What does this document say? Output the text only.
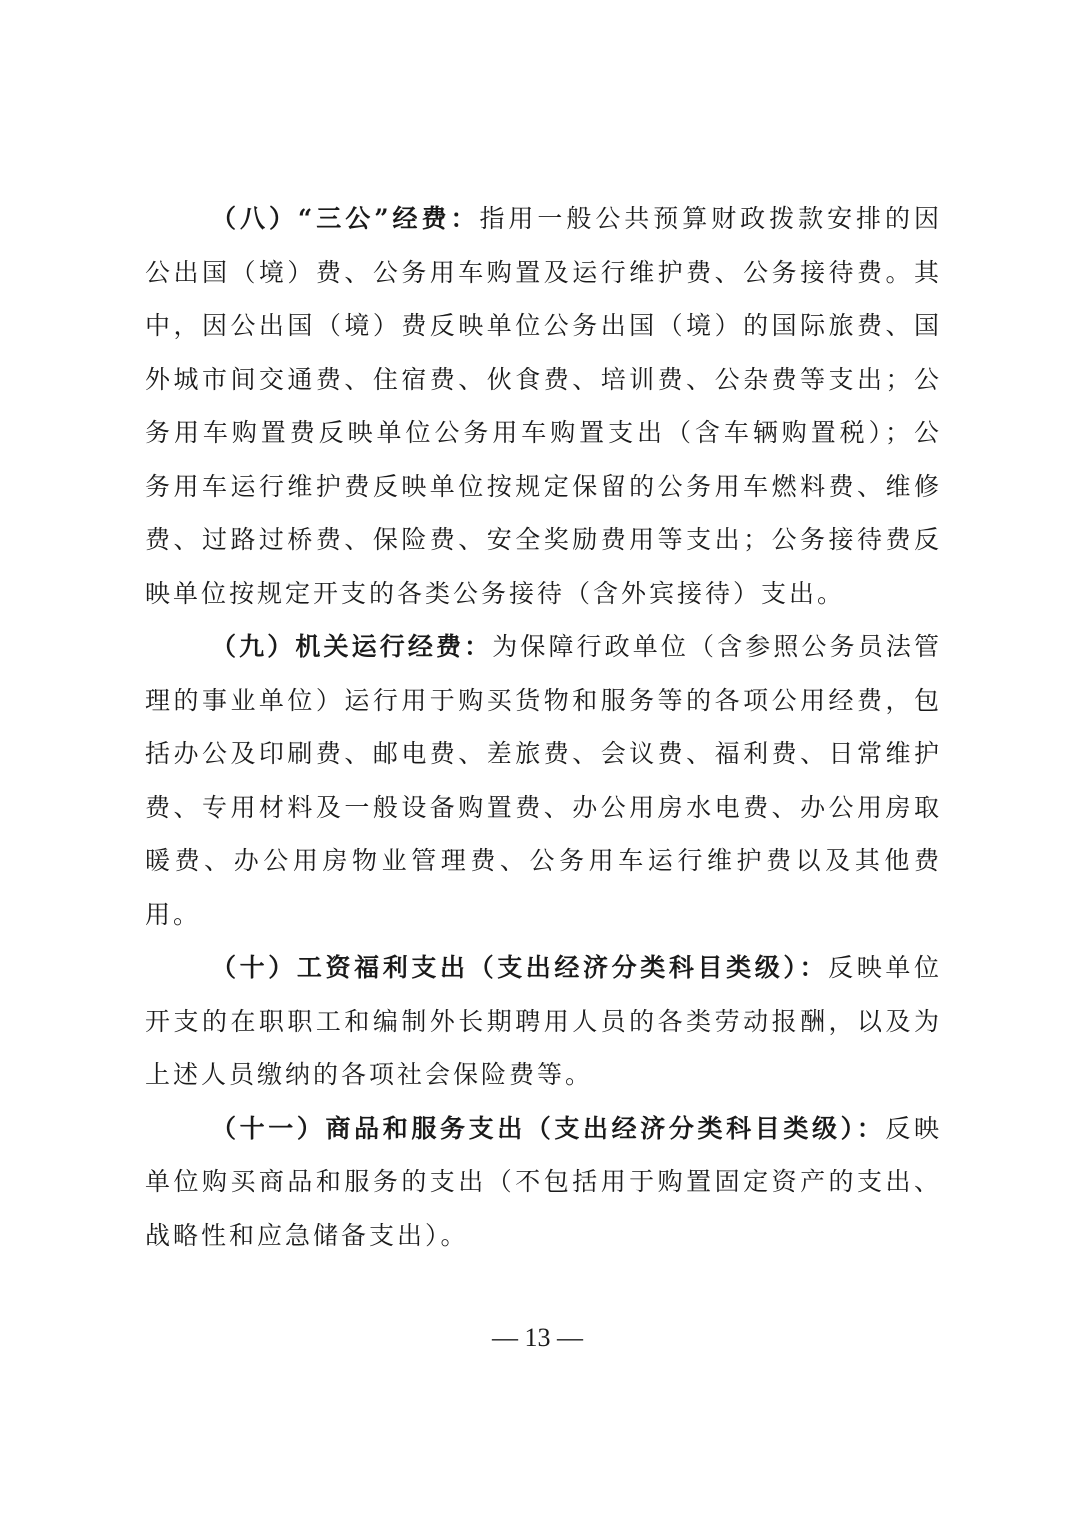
（八）“三公”经费：指用一般公共预算财政拨款安排的因公出国（境）费、公务用车购置及运行维护费、公务接待费。其中，因公出国（境）费反映单位公务出国（境）的国际旅费、国外城市间交通费、住宿费、伙食费、培训费、公杂费等支出；公务用车购置费反映单位公务用车购置支出（含车辆购置税）；公务用车运行维护费反映单位按规定保留的公务用车燃料费、维修费、过路过桥费、保险费、安全奖励费用等支出；公务接待费反映单位按规定开支的各类公务接待（含外宾接待）支出。

（九）机关运行经费：为保障行政单位（含参照公务员法管理的事业单位）运行用于购买货物和服务等的各项公用经费，包括办公及印刷费、邮电费、差旅费、会议费、福利费、日常维护费、专用材料及一般设备购置费、办公用房水电费、办公用房取暖费、办公用房物业管理费、公务用车运行维护费以及其他费用。

（十）工资福利支出（支出经济分类科目类级）：反映单位开支的在职职工和编制外长期聘用人员的各类劳动报酬，以及为上述人员缴纳的各项社会保险费等。

（十一）商品和服务支出（支出经济分类科目类级）：反映单位购买商品和服务的支出（不包括用于购置固定资产的支出、战略性和应急储备支出）。

— 13 —
